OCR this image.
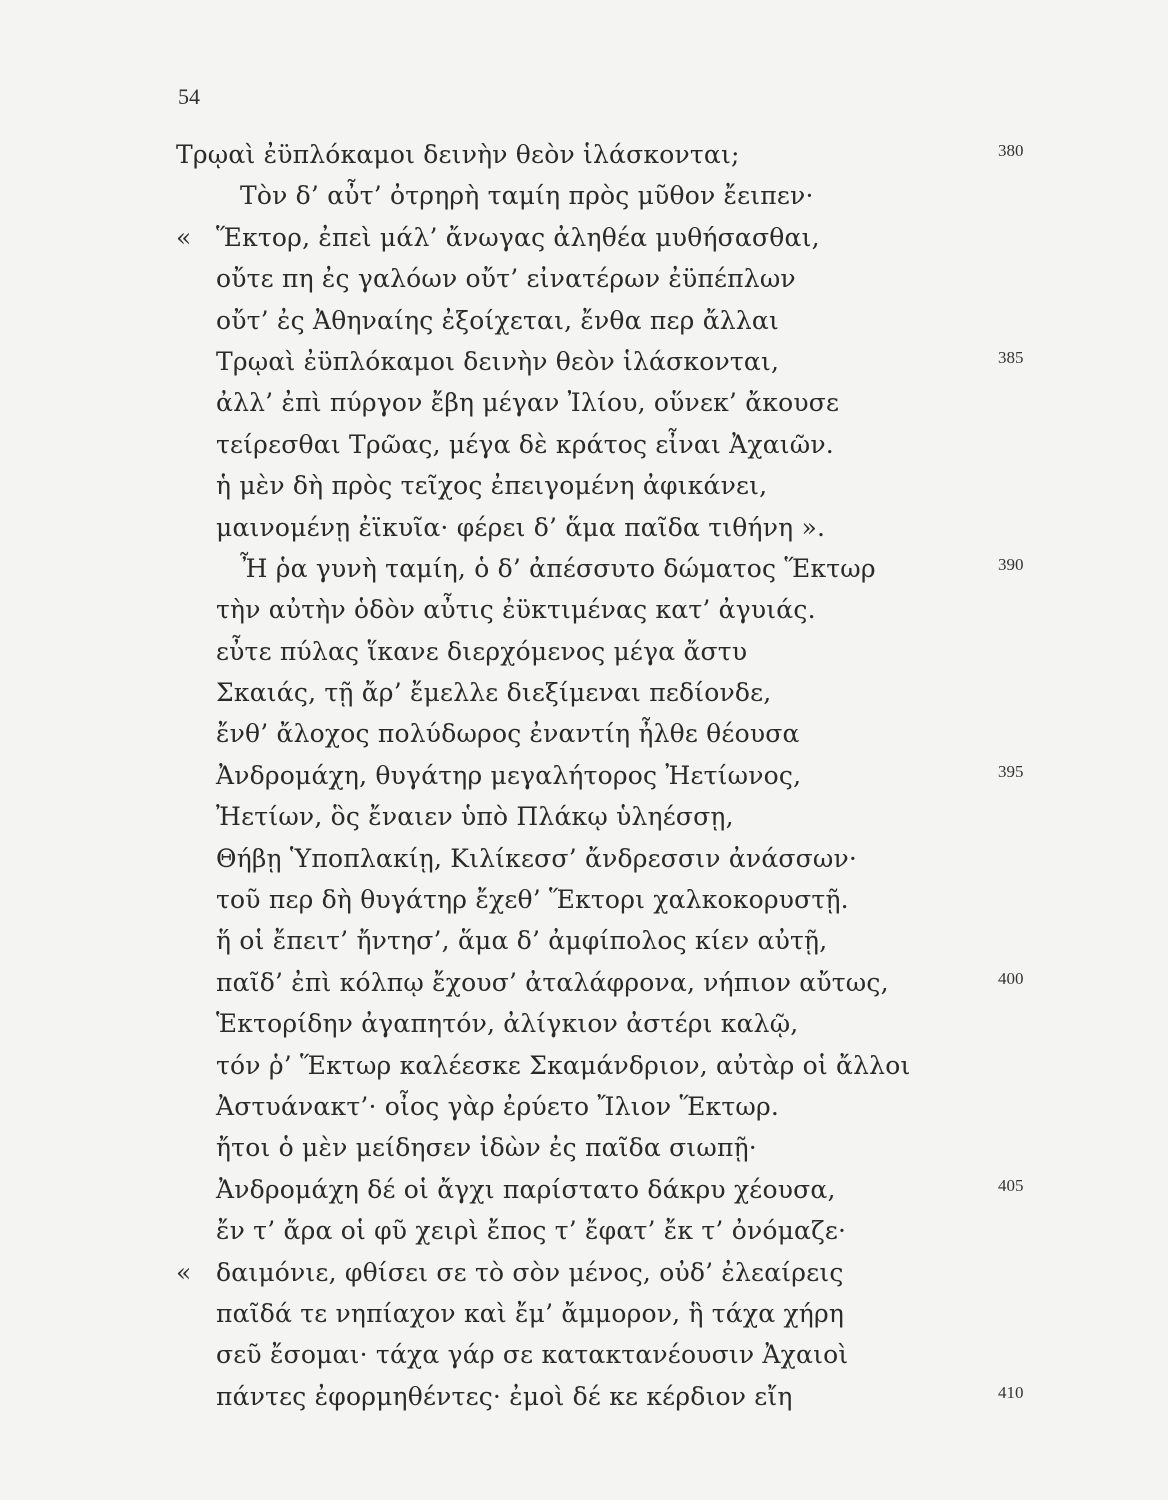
54
Τρῳαὶ ἐϋπλόκαμοι δεινὴν θεὸν ἱλάσκονται;	380
Τὸν δ’ αὖτ’ ὀτρηρὴ ταμίη πρὸς μῦθον ἔειπεν·
« Ἕκτορ, ἐπεὶ μάλ’ ἄνωγας ἀληθέα μυθήσασθαι,
οὔτε πη ἐς γαλόων οὔτ’ εἰνατέρων ἐϋπέπλων
οὔτ’ ἐς Ἀθηναίης ἐξοίχεται, ἔνθα περ ἄλλαι
Τρῳαὶ ἐϋπλόκαμοι δεινὴν θεὸν ἱλάσκονται,	385
ἀλλ’ ἐπὶ πύργον ἔβη μέγαν Ἰλίου, οὕνεκ’ ἄκουσε
τείρεσθαι Τρῶας, μέγα δὲ κράτος εἶναι Ἀχαιῶν.
ἡ μὲν δὴ πρὸς τεῖχος ἐπειγομένη ἀφικάνει,
μαινομένῃ ἐϊκυῖα· φέρει δ’ ἅμα παῖδα τιθήνη ».
Ἦ ῥα γυνὴ ταμίη, ὁ δ’ ἀπέσσυτο δώματος Ἕκτωρ	390
τὴν αὐτὴν ὁδὸν αὖτις ἐϋκτιμένας κατ’ ἀγυιάς.
εὖτε πύλας ἵκανε διερχόμενος μέγα ἄστυ
Σκαιάς, τῇ ἄρ’ ἔμελλε διεξίμεναι πεδίονδε,
ἔνθ’ ἄλοχος πολύδωρος ἐναντίη ἦλθε θέουσα
Ἀνδρομάχη, θυγάτηρ μεγαλήτορος Ἠετίωνος,	395
Ἠετίων, ὃς ἔναιεν ὑπὸ Πλάκῳ ὑληέσσῃ,
Θήβῃ Ὑποπλακίῃ, Κιλίκεσσ’ ἄνδρεσσιν ἀνάσσων·
τοῦ περ δὴ θυγάτηρ ἔχεθ’ Ἕκτορι χαλκοκορυστῇ.
ἥ οἱ ἔπειτ’ ἤντησ’, ἅμα δ’ ἀμφίπολος κίεν αὐτῇ,
παῖδ’ ἐπὶ κόλπῳ ἔχουσ’ ἀταλάφρονα, νήπιον αὔτως,	400
Ἑκτορίδην ἀγαπητόν, ἀλίγκιον ἀστέρι καλῷ,
τόν ῥ’ Ἕκτωρ καλέεσκε Σκαμάνδριον, αὐτὰρ οἱ ἄλλοι
Ἀστυάνακτ’· οἶος γὰρ ἐρύετο Ἴλιον Ἕκτωρ.
ἤτοι ὁ μὲν μείδησεν ἰδὼν ἐς παῖδα σιωπῇ·
Ἀνδρομάχη δέ οἱ ἄγχι παρίστατο δάκρυ χέουσα,	405
ἔν τ’ ἄρα οἱ φῦ χειρὶ ἔπος τ’ ἔφατ’ ἔκ τ’ ὀνόμαζε·
« δαιμόνιε, φθίσει σε τὸ σὸν μένος, οὐδ’ ἐλεαίρεις
παῖδά τε νηπίαχον καὶ ἔμ’ ἄμμορον, ἣ τάχα χήρη
σεῦ ἔσομαι· τάχα γάρ σε κατακτανέουσιν Ἀχαιοὶ
πάντες ἐφορμηθέντες· ἐμοὶ δέ κε κέρδιον εἴη	410
